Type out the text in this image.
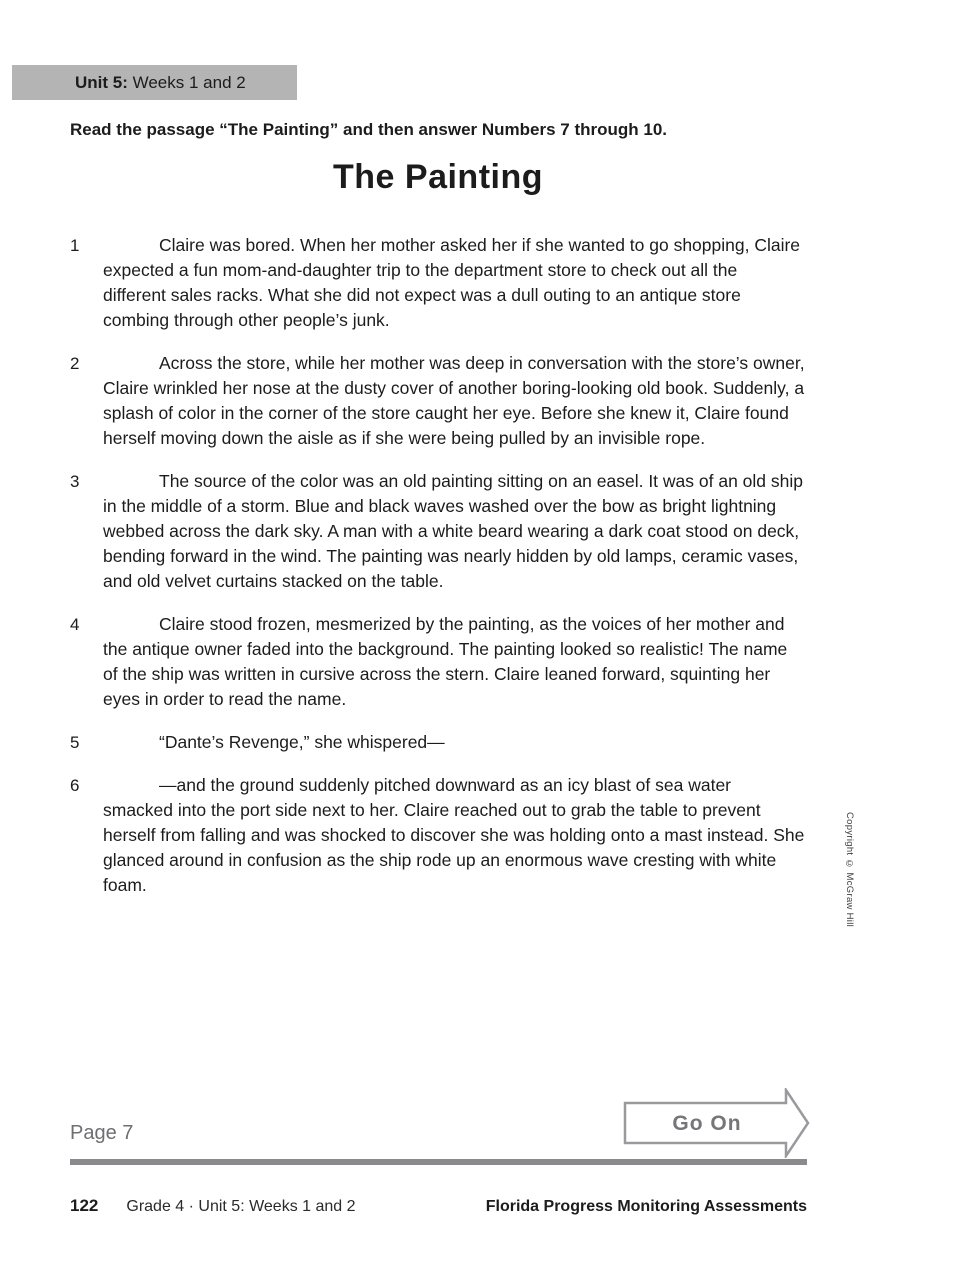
Unit 5: Weeks 1 and 2

Read the passage “The Painting” and then answer Numbers 7 through 10.

The Painting
1	Claire was bored. When her mother asked her if she wanted to go shopping, Claire expected a fun mom-and-daughter trip to the department store to check out all the different sales racks. What she did not expect was a dull outing to an antique store combing through other people’s junk.

2	Across the store, while her mother was deep in conversation with the store’s owner, Claire wrinkled her nose at the dusty cover of another boring-looking old book. Suddenly, a splash of color in the corner of the store caught her eye. Before she knew it, Claire found herself moving down the aisle as if she were being pulled by an invisible rope.

3	The source of the color was an old painting sitting on an easel. It was of an old ship in the middle of a storm. Blue and black waves washed over the bow as bright lightning webbed across the dark sky. A man with a white beard wearing a dark coat stood on deck, bending forward in the wind. The painting was nearly hidden by old lamps, ceramic vases, and old velvet curtains stacked on the table.

4	Claire stood frozen, mesmerized by the painting, as the voices of her mother and the antique owner faded into the background. The painting looked so realistic! The name of the ship was written in cursive across the stern. Claire leaned forward, squinting her eyes in order to read the name.

5	“Dante’s Revenge,” she whispered—

6	—and the ground suddenly pitched downward as an icy blast of sea water smacked into the port side next to her. Claire reached out to grab the table to prevent herself from falling and was shocked to discover she was holding onto a mast instead. She glanced around in confusion as the ship rode up an enormous wave cresting with white foam.	Copyright © McGraw Hill
Page 7	Go On
122 Grade 4 · Unit 5: Weeks 1 and 2	Florida Progress Monitoring Assessments
